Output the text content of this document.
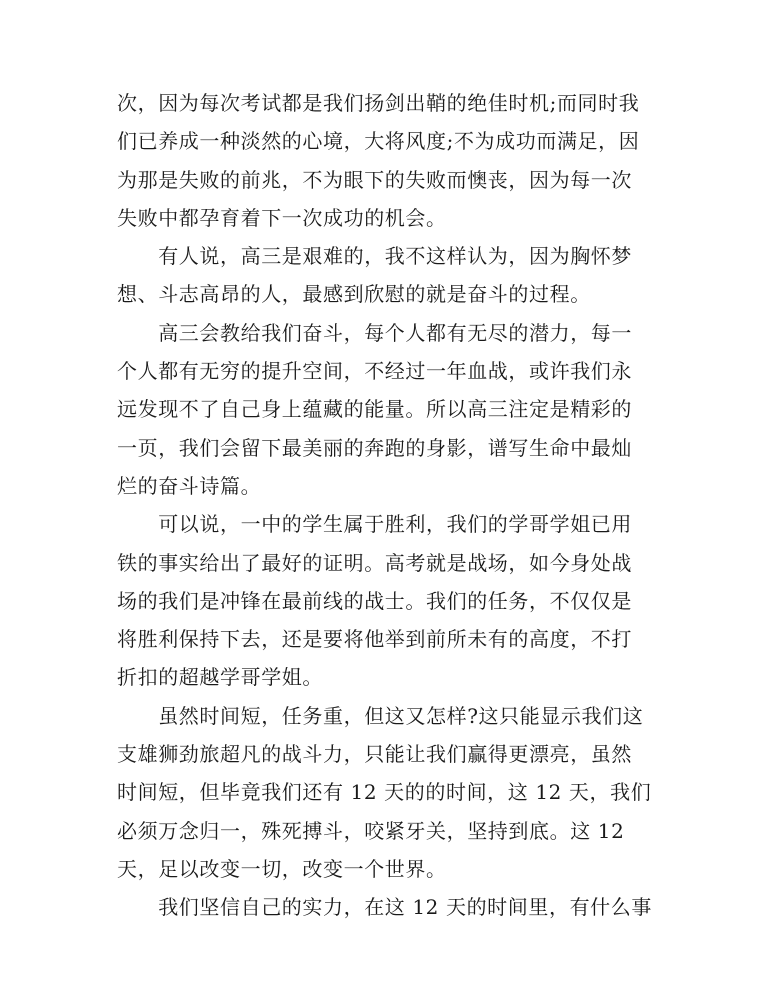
次，因为每次考试都是我们扬剑出鞘的绝佳时机;而同时我
们已养成一种淡然的心境，大将风度;不为成功而满足，因
为那是失败的前兆，不为眼下的失败而懊丧，因为每一次
失败中都孕育着下一次成功的机会。
　　有人说，高三是艰难的，我不这样认为，因为胸怀梦
想、斗志高昂的人，最感到欣慰的就是奋斗的过程。
　　高三会教给我们奋斗，每个人都有无尽的潜力，每一
个人都有无穷的提升空间，不经过一年血战，或许我们永
远发现不了自己身上蕴藏的能量。所以高三注定是精彩的
一页，我们会留下最美丽的奔跑的身影，谱写生命中最灿
烂的奋斗诗篇。
　　可以说，一中的学生属于胜利，我们的学哥学姐已用
铁的事实给出了最好的证明。高考就是战场，如今身处战
场的我们是冲锋在最前线的战士。我们的任务，不仅仅是
将胜利保持下去，还是要将他举到前所未有的高度，不打
折扣的超越学哥学姐。
　　虽然时间短，任务重，但这又怎样?这只能显示我们这
支雄狮劲旅超凡的战斗力，只能让我们赢得更漂亮，虽然
时间短，但毕竟我们还有 12 天的的时间，这 12 天，我们
必须万念归一，殊死搏斗，咬紧牙关，坚持到底。这 12
天，足以改变一切，改变一个世界。
　　我们坚信自己的实力，在这 12 天的时间里，有什么事
